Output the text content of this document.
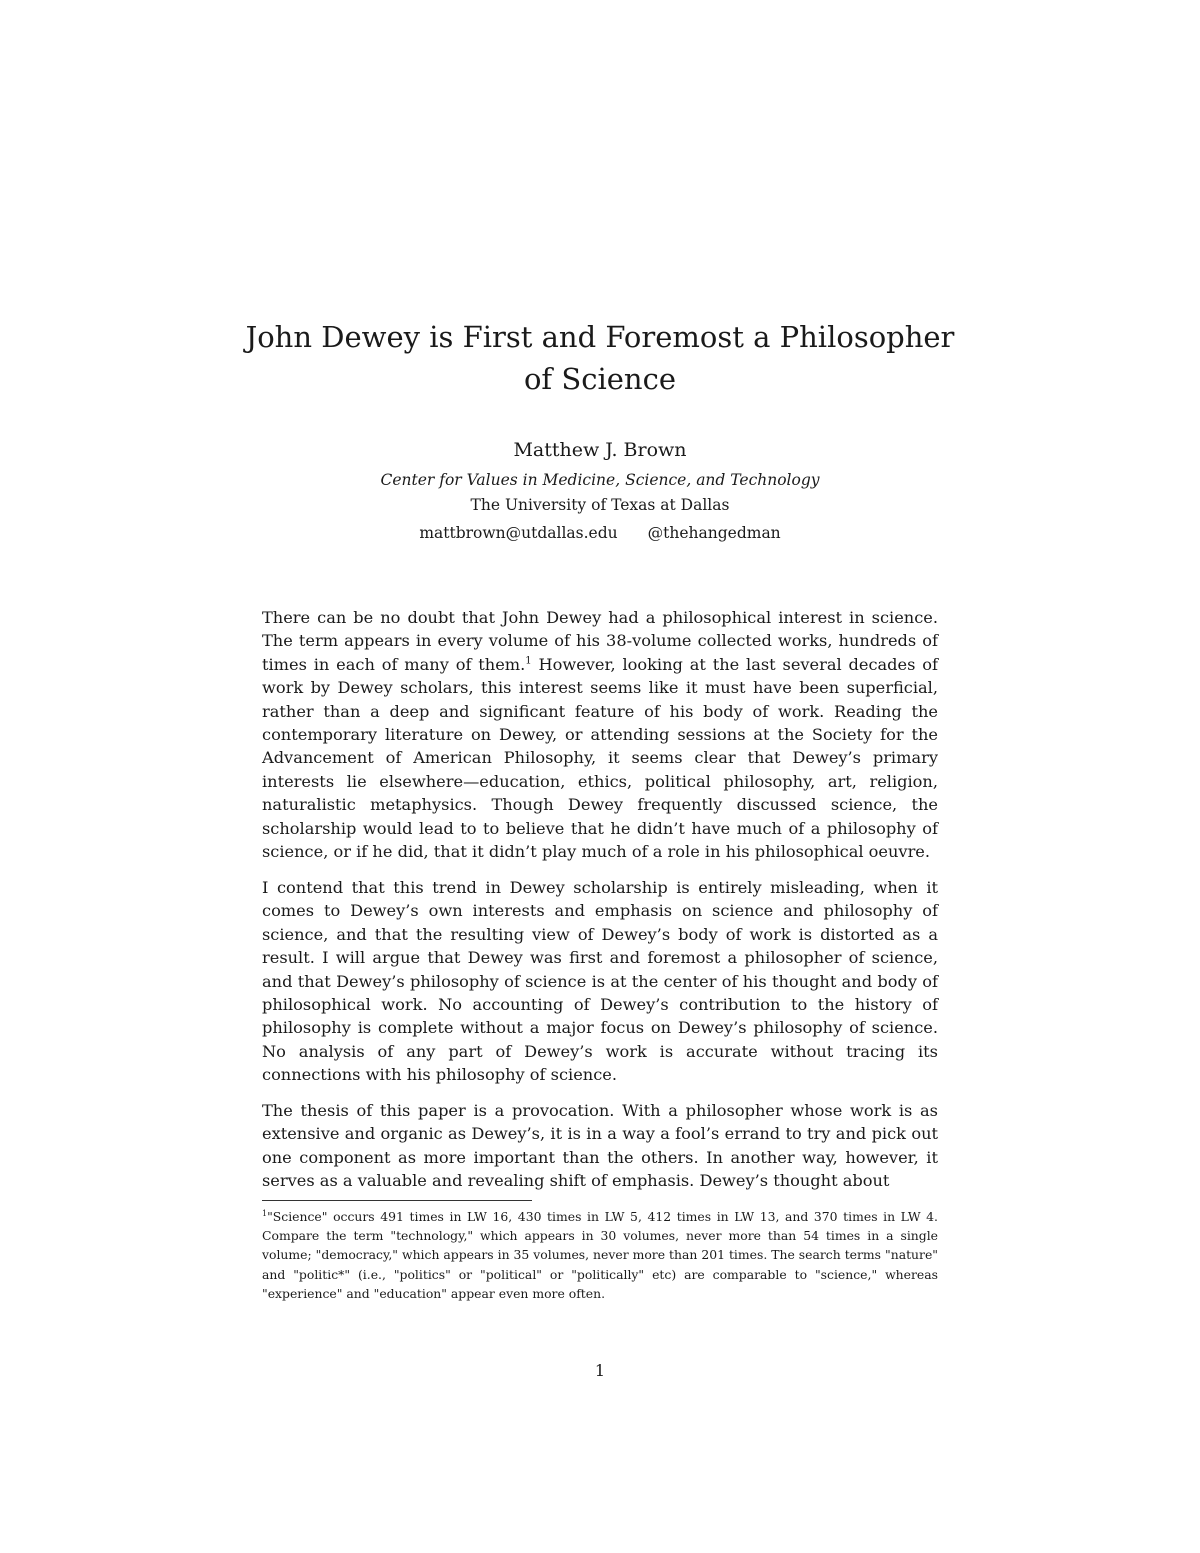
John Dewey is First and Foremost a Philosopher
of Science
Matthew J. Brown
Center for Values in Medicine, Science, and Technology
The University of Texas at Dallas
mattbrown@utdallas.edu @thehangedman

There can be no doubt that John Dewey had a philosophical interest in science. The term appears in every volume of his 38-volume collected works, hundreds of times in each of many of them.$^1$ However, looking at the last several decades of work by Dewey scholars, this interest seems like it must have been superficial, rather than a deep and significant feature of his body of work. Reading the contemporary literature on Dewey, or attending sessions at the Society for the Advancement of American Philosophy, it seems clear that Dewey’s primary interests lie elsewhere—education, ethics, political philosophy, art, religion, naturalistic metaphysics. Though Dewey frequently discussed science, the scholarship would lead to to believe that he didn’t have much of a philosophy of science, or if he did, that it didn’t play much of a role in his philosophical oeuvre.

I contend that this trend in Dewey scholarship is entirely misleading, when it comes to Dewey’s own interests and emphasis on science and philosophy of science, and that the resulting view of Dewey’s body of work is distorted as a result. I will argue that Dewey was first and foremost a philosopher of science, and that Dewey’s philosophy of science is at the center of his thought and body of philosophical work. No accounting of Dewey’s contribution to the history of philosophy is complete without a major focus on Dewey’s philosophy of science. No analysis of any part of Dewey’s work is accurate without tracing its connections with his philosophy of science.

The thesis of this paper is a provocation. With a philosopher whose work is as extensive and organic as Dewey’s, it is in a way a fool’s errand to try and pick out one component as more important than the others. In another way, however, it serves as a valuable and revealing shift of emphasis. Dewey’s thought about

$^1$"Science" occurs 491 times in LW 16, 430 times in LW 5, 412 times in LW 13, and 370 times in LW 4. Compare the term "technology," which appears in 30 volumes, never more than 54 times in a single volume; "democracy," which appears in 35 volumes, never more than 201 times. The search terms "nature" and "politic*" (i.e., "politics" or "political" or "politically" etc) are comparable to "science," whereas "experience" and "education" appear even more often.

1
